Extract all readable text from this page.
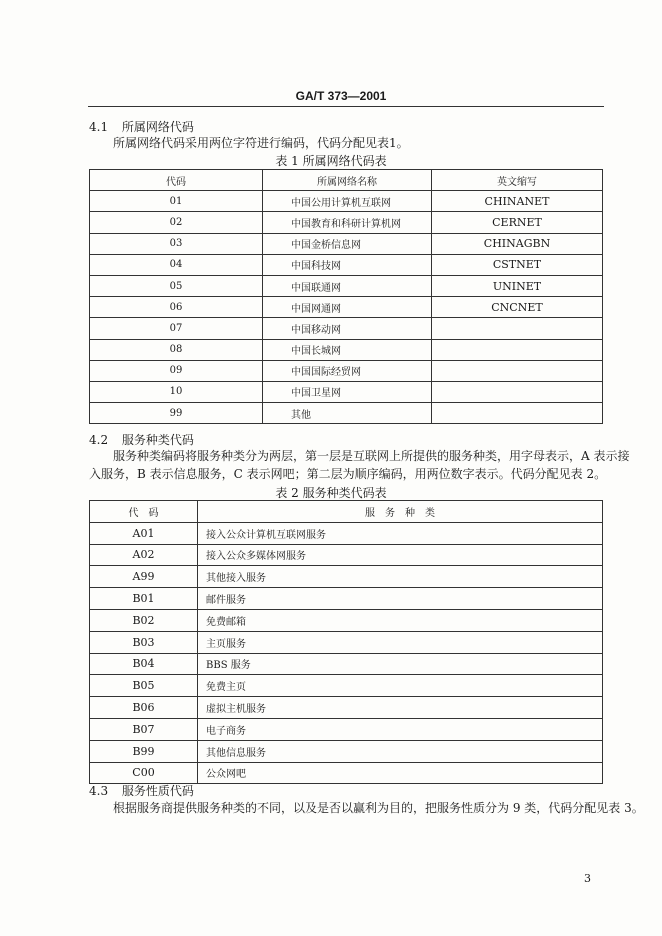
GA/T 373—2001
4.1 所属网络代码
所属网络代码采用两位字符进行编码，代码分配见表1。
表 1 所属网络代码表
代码	所属网络名称	英文缩写
01	中国公用计算机互联网	CHINANET
02	中国教育和科研计算机网	CERNET
03	中国金桥信息网	CHINAGBN
04	中国科技网	CSTNET
05	中国联通网	UNINET
06	中国网通网	CNCNET
07	中国移动网	
08	中国长城网	
09	中国国际经贸网	
10	中国卫星网	
99	其他	
4.2 服务种类代码
服务种类编码将服务种类分为两层，第一层是互联网上所提供的服务种类，用字母表示，A 表示接
入服务，B 表示信息服务，C 表示网吧；第二层为顺序编码，用两位数字表示。代码分配见表 2。
表 2 服务种类代码表
代　码	服　务　种　类
A01	接入公众计算机互联网服务
A02	接入公众多媒体网服务
A99	其他接入服务
B01	邮件服务
B02	免费邮箱
B03	主页服务
B04	BBS 服务
B05	免费主页
B06	虚拟主机服务
B07	电子商务
B99	其他信息服务
C00	公众网吧
4.3 服务性质代码
根据服务商提供服务种类的不同，以及是否以赢利为目的，把服务性质分为 9 类，代码分配见表 3。
3
